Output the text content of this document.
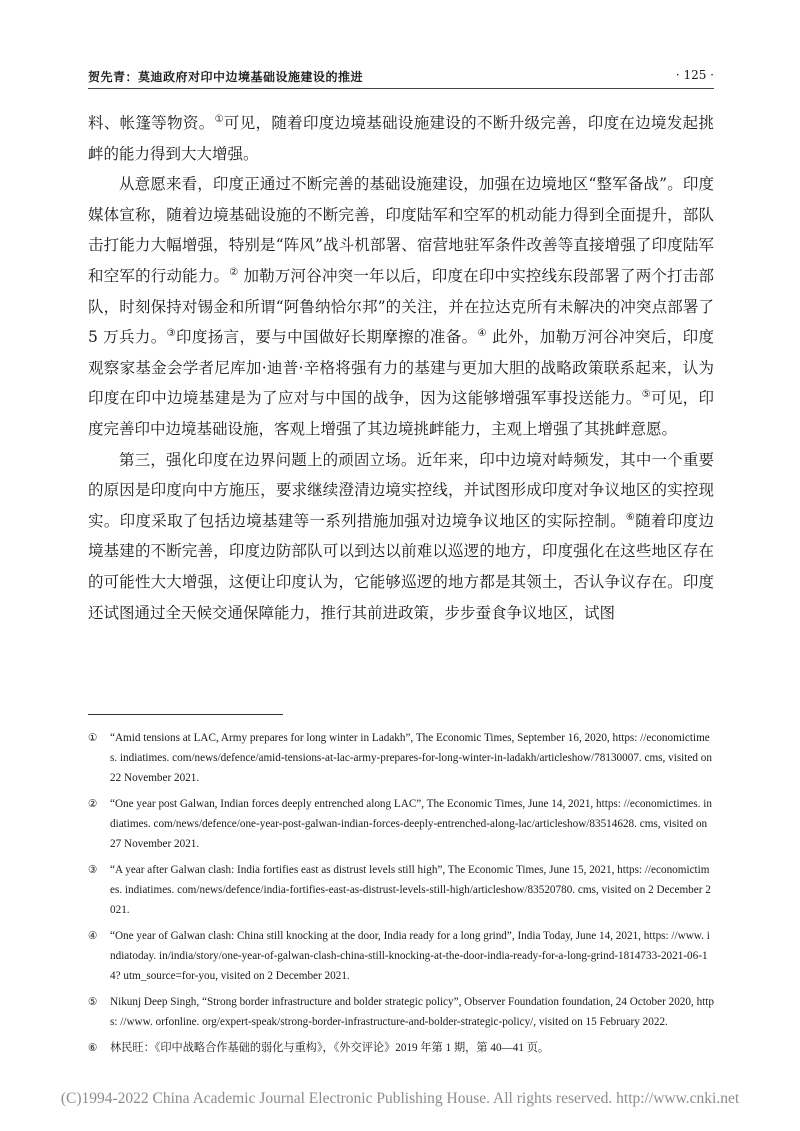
贺先青：莫迪政府对印中边境基础设施建设的推进	· 125 ·

料、帐篷等物资。①可见，随着印度边境基础设施建设的不断升级完善，印度在边境发起挑衅的能力得到大大增强。

从意愿来看，印度正通过不断完善的基础设施建设，加强在边境地区“整军备战”。印度媒体宣称，随着边境基础设施的不断完善，印度陆军和空军的机动能力得到全面提升，部队击打能力大幅增强，特别是“阵风”战斗机部署、宿营地驻军条件改善等直接增强了印度陆军和空军的行动能力。② 加勒万河谷冲突一年以后，印度在印中实控线东段部署了两个打击部队，时刻保持对锡金和所谓“阿鲁纳恰尔邦”的关注，并在拉达克所有未解决的冲突点部署了 5 万兵力。③印度扬言，要与中国做好长期摩擦的准备。④ 此外，加勒万河谷冲突后，印度观察家基金会学者尼库加·迪普·辛格将强有力的基建与更加大胆的战略政策联系起来，认为印度在印中边境基建是为了应对与中国的战争，因为这能够增强军事投送能力。⑤可见，印度完善印中边境基础设施，客观上增强了其边境挑衅能力，主观上增强了其挑衅意愿。

第三，强化印度在边界问题上的顽固立场。近年来，印中边境对峙频发，其中一个重要的原因是印度向中方施压，要求继续澄清边境实控线，并试图形成印度对争议地区的实控现实。印度采取了包括边境基建等一系列措施加强对边境争议地区的实际控制。⑥随着印度边境基建的不断完善，印度边防部队可以到达以前难以巡逻的地方，印度强化在这些地区存在的可能性大大增强，这便让印度认为，它能够巡逻的地方都是其领土，否认争议存在。印度还试图通过全天候交通保障能力，推行其前进政策，步步蚕食争议地区，试图

①	“Amid tensions at LAC, Army prepares for long winter in Ladakh”, The Economic Times, September 16, 2020, https: //economictimes. indiatimes. com/news/defence/amid-tensions-at-lac-army-prepares-for-long-winter-in-ladakh/articleshow/78130007. cms, visited on 22 November 2021.
②	“One year post Galwan, Indian forces deeply entrenched along LAC”, The Economic Times, June 14, 2021, https: //economictimes. indiatimes. com/news/defence/one-year-post-galwan-indian-forces-deeply-entrenched-along-lac/articleshow/83514628. cms, visited on 27 November 2021.
③	“A year after Galwan clash: India fortifies east as distrust levels still high”, The Economic Times, June 15, 2021, https: //economictimes. indiatimes. com/news/defence/india-fortifies-east-as-distrust-levels-still-high/articleshow/83520780. cms, visited on 2 December 2021.
④	“One year of Galwan clash: China still knocking at the door, India ready for a long grind”, India Today, June 14, 2021, https: //www. indiatoday. in/india/story/one-year-of-galwan-clash-china-still-knocking-at-the-door-india-ready-for-a-long-grind-1814733-2021-06-14? utm_source=for-you, visited on 2 December 2021.
⑤	Nikunj Deep Singh, “Strong border infrastructure and bolder strategic policy”, Observer Foundation foundation, 24 October 2020, https: //www. orfonline. org/expert-speak/strong-border-infrastructure-and-bolder-strategic-policy/, visited on 15 February 2022.
⑥	林民旺：《印中战略合作基础的弱化与重构》，《外交评论》2019 年第 1 期，第 40—41 页。
(C)1994-2022 China Academic Journal Electronic Publishing House. All rights reserved. http://www.cnki.net
